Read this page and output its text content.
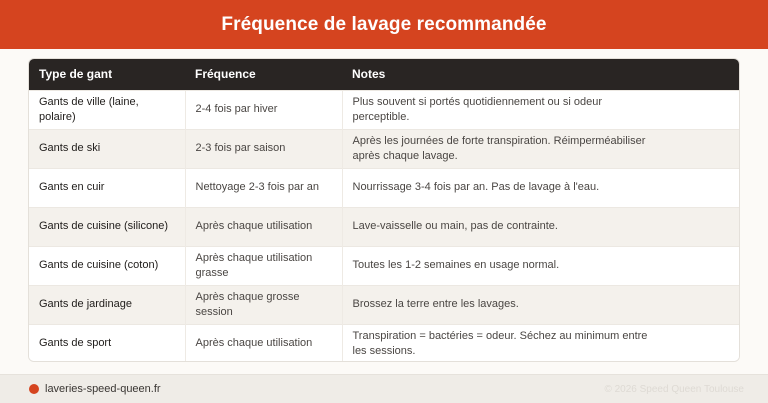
Fréquence de lavage recommandée
Type de gant	Fréquence	Notes
Gants de ville (laine, polaire)	2-4 fois par hiver	Plus souvent si portés quotidiennement ou si odeur perceptible.
Gants de ski	2-3 fois par saison	Après les journées de forte transpiration. Réimperméabiliser après chaque lavage.
Gants en cuir	Nettoyage 2-3 fois par an	Nourrissage 3-4 fois par an. Pas de lavage à l'eau.
Gants de cuisine (silicone)	Après chaque utilisation	Lave-vaisselle ou main, pas de contrainte.
Gants de cuisine (coton)	Après chaque utilisation grasse	Toutes les 1-2 semaines en usage normal.
Gants de jardinage	Après chaque grosse session	Brossez la terre entre les lavages.
Gants de sport	Après chaque utilisation	Transpiration = bactéries = odeur. Séchez au minimum entre les sessions.
laveries-speed-queen.fr	© 2026 Speed Queen Toulouse
